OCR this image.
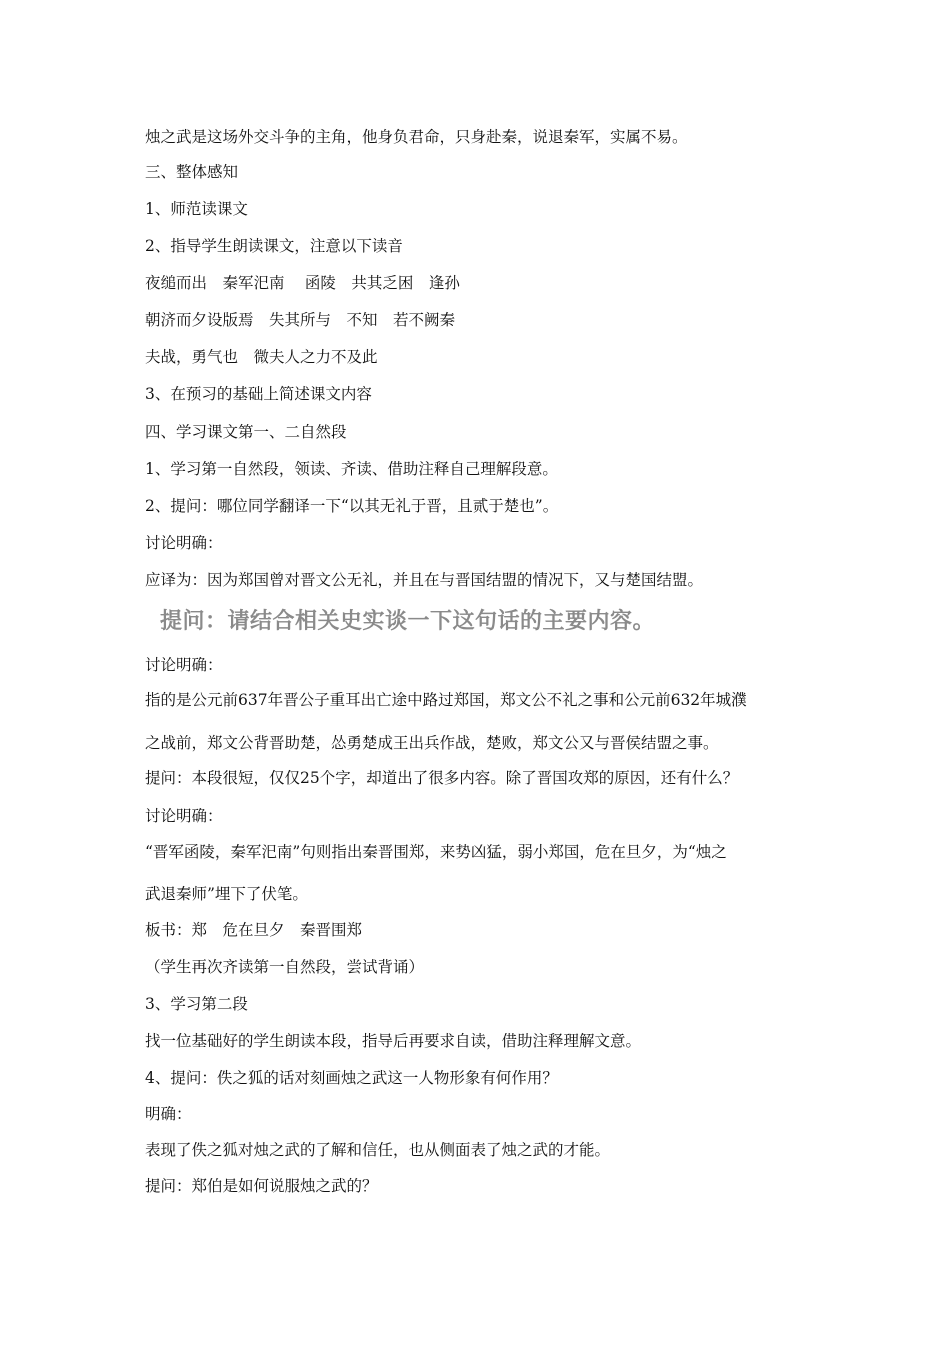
烛之武是这场外交斗争的主角，他身负君命，只身赴秦，说退秦军，实属不易。

三、整体感知

1、师范读课文

2、指导学生朗读课文，注意以下读音

夜缒而出　秦军汜南　 函陵　共其乏困　逢孙

朝济而夕设版焉　失其所与　不知　若不阙秦

夫战，勇气也　微夫人之力不及此

3、在预习的基础上简述课文内容

四、学习课文第一、二自然段

1、学习第一自然段，领读、齐读、借助注释自己理解段意。

2、提问：哪位同学翻译一下“以其无礼于晋，且贰于楚也”。

讨论明确：

应译为：因为郑国曾对晋文公无礼，并且在与晋国结盟的情况下，又与楚国结盟。

提问：请结合相关史实谈一下这句话的主要内容。

讨论明确：

指的是公元前637年晋公子重耳出亡途中路过郑国，郑文公不礼之事和公元前632年城濮

之战前，郑文公背晋助楚，怂勇楚成王出兵作战，楚败，郑文公又与晋侯结盟之事。

提问：本段很短，仅仅25个字，却道出了很多内容。除了晋国攻郑的原因，还有什么？

讨论明确：

“晋军函陵，秦军汜南”句则指出秦晋围郑，来势凶猛，弱小郑国，危在旦夕，为“烛之

武退秦师”埋下了伏笔。

板书：郑　危在旦夕　秦晋围郑

（学生再次齐读第一自然段，尝试背诵）

3、学习第二段

找一位基础好的学生朗读本段，指导后再要求自读，借助注释理解文意。

4、提问：佚之狐的话对刻画烛之武这一人物形象有何作用？

明确：

表现了佚之狐对烛之武的了解和信任，也从侧面表了烛之武的才能。

提问：郑伯是如何说服烛之武的？
